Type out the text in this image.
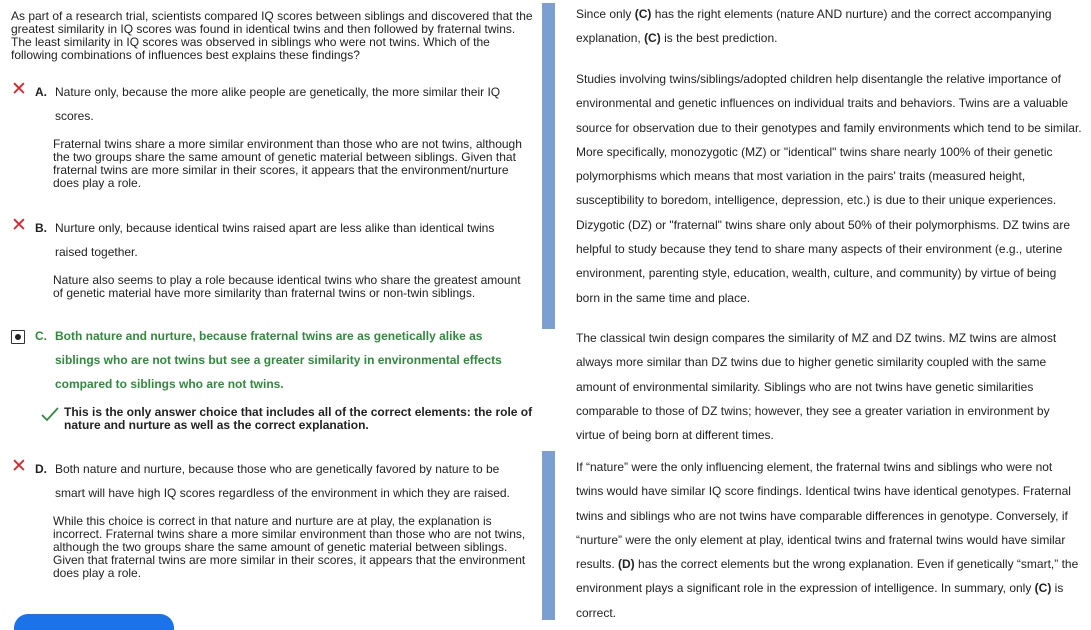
As part of a research trial, scientists compared IQ scores between siblings and discovered that the greatest similarity in IQ scores was found in identical twins and then followed by fraternal twins. The least similarity in IQ scores was observed in siblings who were not twins. Which of the following combinations of influences best explains these findings?

✕ A. Nature only, because the more alike people are genetically, the more similar their IQ scores.

Fraternal twins share a more similar environment than those who are not twins, although the two groups share the same amount of genetic material between siblings. Given that fraternal twins are more similar in their scores, it appears that the environment/nurture does play a role.

✕ B. Nurture only, because identical twins raised apart are less alike than identical twins raised together.

Nature also seems to play a role because identical twins who share the greatest amount of genetic material have more similarity than fraternal twins or non-twin siblings.

C. Both nature and nurture, because fraternal twins are as genetically alike as siblings who are not twins but see a greater similarity in environmental effects compared to siblings who are not twins.

This is the only answer choice that includes all of the correct elements: the role of nature and nurture as well as the correct explanation.

✕ D. Both nature and nurture, because those who are genetically favored by nature to be smart will have high IQ scores regardless of the environment in which they are raised.

While this choice is correct in that nature and nurture are at play, the explanation is incorrect. Fraternal twins share a more similar environment than those who are not twins, although the two groups share the same amount of genetic material between siblings. Given that fraternal twins are more similar in their scores, it appears that the environment does play a role.

Since only (C) has the right elements (nature AND nurture) and the correct accompanying explanation, (C) is the best prediction.

Studies involving twins/siblings/adopted children help disentangle the relative importance of environmental and genetic influences on individual traits and behaviors. Twins are a valuable source for observation due to their genotypes and family environments which tend to be similar. More specifically, monozygotic (MZ) or "identical" twins share nearly 100% of their genetic polymorphisms which means that most variation in the pairs' traits (measured height, susceptibility to boredom, intelligence, depression, etc.) is due to their unique experiences. Dizygotic (DZ) or "fraternal" twins share only about 50% of their polymorphisms. DZ twins are helpful to study because they tend to share many aspects of their environment (e.g., uterine environment, parenting style, education, wealth, culture, and community) by virtue of being born in the same time and place.

The classical twin design compares the similarity of MZ and DZ twins. MZ twins are almost always more similar than DZ twins due to higher genetic similarity coupled with the same amount of environmental similarity. Siblings who are not twins have genetic similarities comparable to those of DZ twins; however, they see a greater variation in environment by virtue of being born at different times.

If “nature” were the only influencing element, the fraternal twins and siblings who were not twins would have similar IQ score findings. Identical twins have identical genotypes. Fraternal twins and siblings who are not twins have comparable differences in genotype. Conversely, if “nurture” were the only element at play, identical twins and fraternal twins would have similar results. (D) has the correct elements but the wrong explanation. Even if genetically “smart,” the environment plays a significant role in the expression of intelligence. In summary, only (C) is correct.
